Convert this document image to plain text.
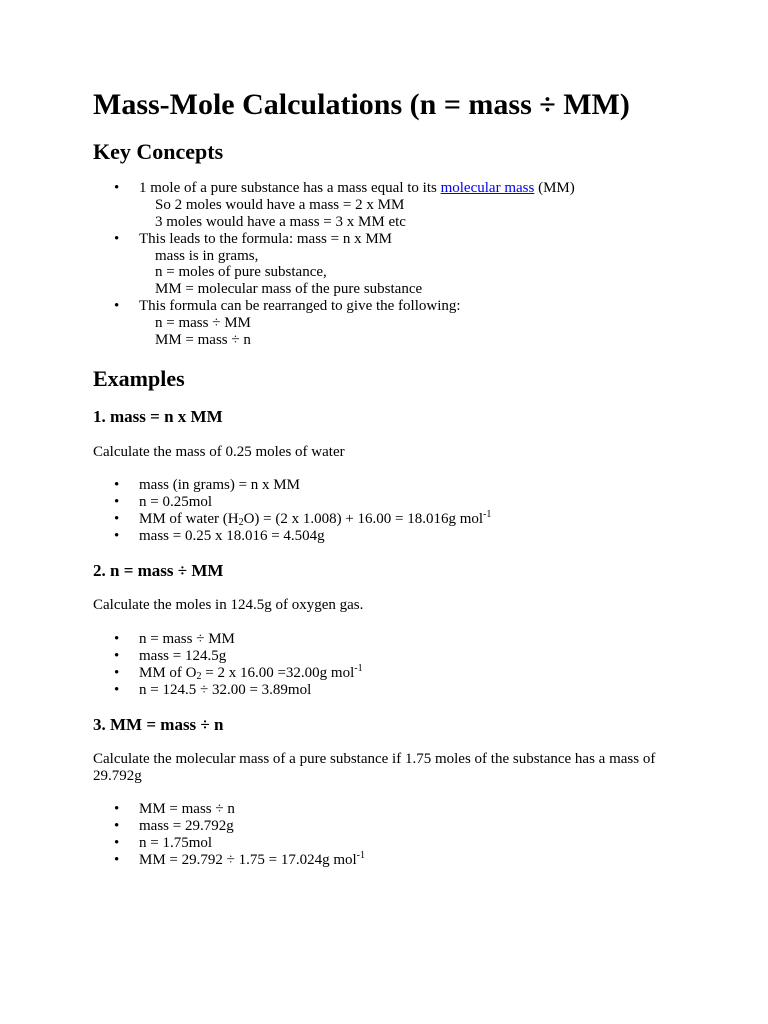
Mass-Mole Calculations (n = mass ÷ MM)
Key Concepts
• 1 mole of a pure substance has a mass equal to its molecular mass (MM)
So 2 moles would have a mass = 2 x MM
3 moles would have a mass = 3 x MM etc
• This leads to the formula: mass = n x MM
mass is in grams,
n = moles of pure substance,
MM = molecular mass of the pure substance
• This formula can be rearranged to give the following:
n = mass ÷ MM
MM = mass ÷ n
Examples
1. mass = n x MM
Calculate the mass of 0.25 moles of water
• mass (in grams) = n x MM
• n = 0.25mol
• MM of water $(H_2O) = (2$ x 1.008) + 16.00 = 18.016g mol$^{-1}$
• mass = 0.25 x 18.016 = 4.504g
2. n = mass ÷ MM
Calculate the moles in 124.5g of oxygen gas.
• n = mass ÷ MM
• mass = 124.5g
• MM of $O_2 = 2$ x 16.00 =32.00g mol$^{-1}$
• n = 124.5 ÷ 32.00 = 3.89mol
3. MM = mass ÷ n
Calculate the molecular mass of a pure substance if 1.75 moles of the substance has a mass of 29.792g
• MM = mass ÷ n
• mass = 29.792g
• n = 1.75mol
• MM = 29.792 ÷ 1.75 = 17.024g mol$^{-1}$
